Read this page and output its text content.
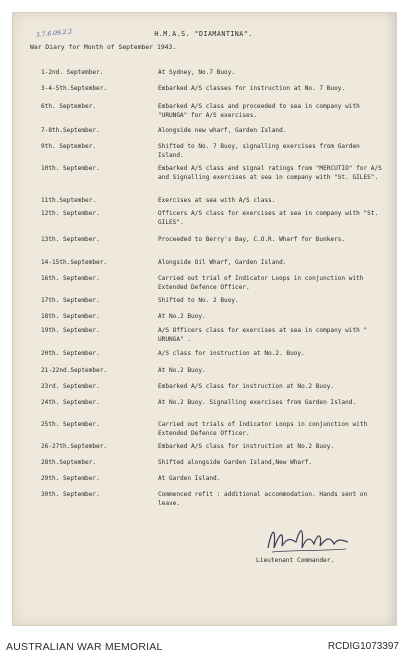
3.7.6.09.2.2	H.M.A.S. "DIAMANTINA".
War Diary for Month of September 1943.
1-2nd. September.	At Sydney, No.7 Buoy.
3-4-5th.September.	Embarked A/S classes for instruction at No. 7 Buoy.
6th. September.	Embarked A/S class and proceeded to sea in company with "URUNGA" for A/S exercises.
7-8th.September.	Alongside new wharf, Garden Island.
9th. September.	Shifted to No. 7 Buoy, signalling exercises from Garden Island.
10th. September.	Embarked A/S class and signal ratings from "MERCUTIO" for A/S and Signalling exercises at sea in company with "St. GILES".
11th.September.	Exercises at sea with A/S class.
12th. September.	Officers A/S class for exercises at sea in company with "St. GILES".
13th. September.	Proceeded to Berry's Bay, C.O.R. Wharf for Bunkers.
14-15th.September.	Alongside Oil Wharf, Garden Island.
16th. September.	Carried out trial of Indicator Loops in conjunction with Extended Defence Officer.
17th. September.	Shifted to No. 2 Buoy.
18th. September.	At No.2 Buoy.
19th. September.	A/S Officers class for exercises at sea in company with " URUNGA" .
20th. September.	A/S class for instruction at No.2. Buoy.
21-22nd.September.	At No.2 Buoy.
23rd. September.	Embarked A/S class for instruction at No.2 Buoy.
24th. September.	At No.2 Buoy. Signalling exercises from Garden Island.
25th. September.	Carried out trials of Indicator Loops in conjunction with Extended Defence Officer.
26-27th.September.	Embarked A/S class for instruction at No.2 Buoy.
28th.September.	Shifted alongside Garden Island,New Wharf.
29th. September.	At Garden Island.
30th. September.	Commenced refit : additional accommodation. Hands sent on leave.
Lieutenant Commander.
AUSTRALIAN WAR MEMORIAL	RCDIG1073397
